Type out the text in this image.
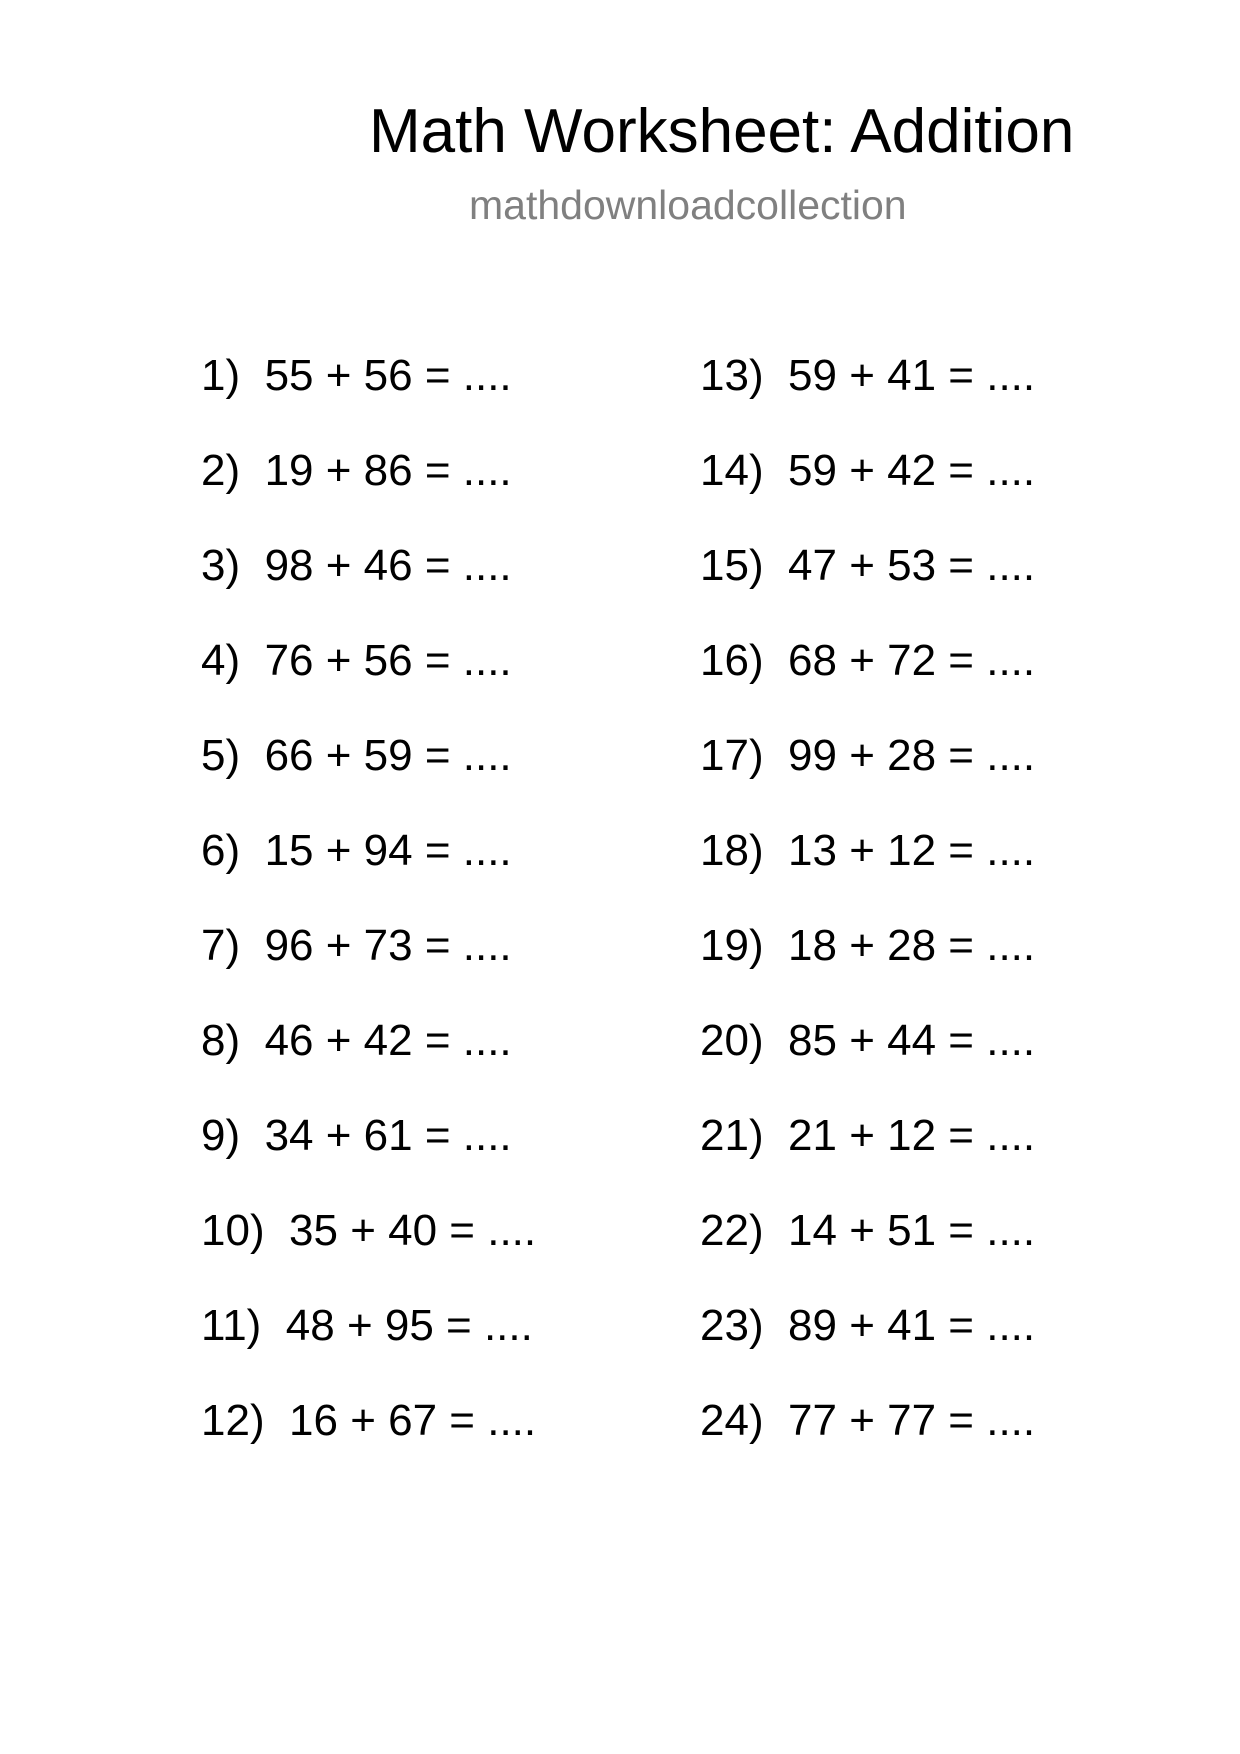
Math Worksheet: Addition
mathdownloadcollection
1) 55 + 56 = ....
2) 19 + 86 = ....
3) 98 + 46 = ....
4) 76 + 56 = ....
5) 66 + 59 = ....
6) 15 + 94 = ....
7) 96 + 73 = ....
8) 46 + 42 = ....
9) 34 + 61 = ....
10) 35 + 40 = ....
11) 48 + 95 = ....
12) 16 + 67 = ....
13) 59 + 41 = ....
14) 59 + 42 = ....
15) 47 + 53 = ....
16) 68 + 72 = ....
17) 99 + 28 = ....
18) 13 + 12 = ....
19) 18 + 28 = ....
20) 85 + 44 = ....
21) 21 + 12 = ....
22) 14 + 51 = ....
23) 89 + 41 = ....
24) 77 + 77 = ....
